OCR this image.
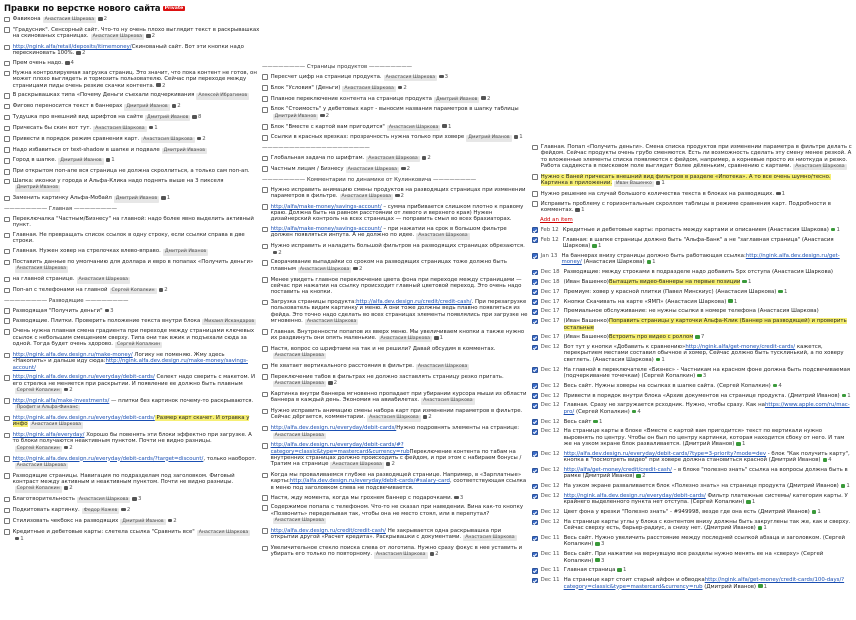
Правки по верстке нового сайта Private
Фавикона Анастасия Шаркова 2
"Градусник". Сенсорный сайт. Что-то ну очень плохо выглядит текст в раскрывашках на скинованых страницах. Анастасия Шаркова 2
http://ngink.alfa/retail/deposits/itimemoney/Скинованый сайт. Вот эти кнопки надо перескиновать 100%. 2
Прем очень надо. 4
Нужна контролируемая загрузка страниц. Это значит, что пока контент не готов, он может плохо выглядеть и тормозить пользователю. Сейчас при переходе между страницами пиды очень резкие скачки контента. 2
В раскрывашках типа «Почему Деньги съехали подчеркивания Алексей Ибрагимов
Фигово переносится текст в баннерах Дмитрий Иванов 2
Тудушка про внешний вид шрифтов на сайте Дмитрий Иванов 8
Причесать бы скин вот тут. Анастасия Шаркова 1
Привести в порядок режим сравнения карт. Анастасия Шаркова 2
Надо избавиться от text-shadow в шапке и подвале Дмитрий Иванов
Город в шапке. Дмитрий Иванов 1
При открытом поп-апе вся страница не должна скроллиться, а только сам поп-ап.
Шапка: иконки у города и Альфа-Клика надо поднять выше на 3 пикселяДмитрий Иванов
Заменить картинку Альфа-Мобайл Дмитрий Иванов 1
———————— Главная ————————
Переключалка "Частным/Бизнесу" на главной: надо более явно выделить активный пункт.
Главная. Не превращать список ссылок в одну строку, если ссылки справа в две строки.
Главная. Нужен ховер на стрелочках влево-вправо. Дмитрий Иванов
Поставить данные по умолчанию для доллара и евро в попапах «Получить деньги»Анастасия Шаркова
на главной странице. Анастасия Шаркова
Поп-ап с телефонами на главной Сергей Копалкин 2
———————— Разводящие ————————
Разводящая "Получить деньги" 3
Разводящие. Плитки. Проверить положение текста внутри блока Михаил Искандаров
Очень нужна плавная смена градиента при переходе между страницами ключевых ссылок с небольшим смещением сверху. Типа они так вжик и подъехали сюда за одной. Тогда будет очень здорово. Сергей Копалкин
http://ngink.alfa.dev.design.ru/make-money/ Логику не поменяю. Жму здесь «Накопить» и дальше иду сюда:http://ngink.alfa.dev.design.ru/make-money/savings-account/
http://ngink.alfa.dev.design.ru/everyday/debit-cards/ Селект надо сверить с макетом. И его стрелка не меняется при раскрытии. И появление ее должно быть плавнымСергей Копалкин 2
http://ngink.alfa/make-investments/ — плитки без картинок почему-то раскрываются.Профит и Альфа-Финанс
http://ngink.alfa.dev.design.ru/everyday/debit-cards/ Размер карт скачет. И отравка у инфо Анастасия Шаркова
http://ngink.alfa/everyday/ Хорошо бы повенять эти блоки эффектно при загрузке. А то блоки получаются неактивным пунктом. Почти не видно разницы.Сергей Копалкин 2
http://ngink.alfa.dev.design.ru/everyday/debit-cards/?target=discount/, только наоборот.Анастасия Шаркова
Разводящие страницы. Навигация по подразделам под заголовком. Фиговый контраст между активным и неактивным пунктом. Почти не видно разницы.Сергей Копалкин 2
Благотворительность Анастасия Шаркова 3
Подкитовать картинку. Федор Кожев 2
Стилизовать чекбокс на разводящих Дмитрий Иванов 2
Кредитные и дебетовые карты: слетела ссылка "Сравнить все" Анастасия Шаркова1
———————— Страницы продуктов ————————
Пересчет цифр на странице продукта. Анастасия Шаркова 3
Блок "Условия" (Деньги) Анастасия Шаркова 2
Плавное переключение контента на странице продукта Дмитрий Иванов 2
Блок "Стоимость" у дебетовых карт - выносим названия параметров в шапку таблицыДмитрий Иванов 2
Блок "Вместе с картой вам пригодится" Анастасия Шаркова 1
Ссылки в красных врезках: прозрачность нужна только при ховере Дмитрий Иванов 1
————————————————————
Глобальная задача по шрифтам. Анастасия Шаркова 2
Частным лицам / Бизнесу Анастасия Шаркова 2
———————— Комментарии по динамике от Кулинковича ————————
Нужно исправить анимацию смены продуктов на разводящих страницах при изменении параметров в фильтре. Анастасия Шаркова 2
http://alfa/make-money/savings-account/ – сумма прибивается слишком плотно к правому краю. Должна быть на равном расстоянии от левого и верхнего края) Нужен дизайнерский контроль на всех страницах — поправить смыл во всех брахиаторах.
http://alfa/make-money/savings-account/ – при нажатии на срок в большом фильтре должен появляться инпута. А не должно по идее. Анастасия Шаркова
Нужно исправить и наладить большой фильтров на разводящих страницах обрезаются.2
Сворачивание выпадайки со сроком на разводящих страницах тоже должно быть плавным Анастасия Шаркова 2
Менее увидеть главное переключение цвета фона при переходе между страницами — сейчас при нажатии на ссылку происходит главный цветовой переход. Это очень надо поставить на кнопки.
Загрузка страницы продукта:http://alfa.dev.design.ru/credit/credit-cash/. При перезагрузке пользователь видим картинку и меню. А они тоже должны ведь плавно появляться из фейда. Это точно надо сделать во всех страницах элементы появлялись при загрузке не мгновенно. Анастасия Шаркова
Главная. Внутренности попапов из вверх меню. Мы увеличиваем кнопки а также нужно их раздвинуть они опять маленькие. Анастасия Шаркова 1
Настя, вопрос со шрифтами на так и не решили? Давай обсудим в комментах.Анастасия Шаркова
Не хватает вертикального расстояния в фильтре. Анастасия Шаркова
Переключение табов в фильтрах не должно заставлять страницу резко пригать.Анастасия Шаркова 2
Картинка внутри баннера мгновенно пропадает при убирании курсора мыши из области баннера в каждый день. Экономия на авиабилетах. Анастасия Шаркова
Нужно исправить анимацию смены набора карт при изменении параметров в фильтре. Сейчас дёргается, комментарии. Анастасия Шаркова 2
http://alfa.dev.design.ru/everyday/debit-cards/Нужно подровнять элементы на странице:Анастасия Шаркова
http://alfa.dev.design.ru/everyday/debit-cards/#?category=classic&type=mastercard&currency=rubПереключение контента по табам на внутренних страницах должно происходить с фейдом, и при этом с набираем бонусы / Тратим на странице Анастасия Шаркова 2
Когда мы проваливаемся глубже на разводящей странице. Например, в «Зарплатные» карты:http://alfa.dev.design.ru/everyday/debit-cards/#salary-card, соответствующая ссылка в меню под заголовком слева не подсвечивается.
Настя, жду момента, когда мы грохнем баннер с подарочками. 3
Содержимое попапа с телефоном. Что-то не сказал при наведении. Вина как-то кнопку «Позвонить» переделывая так, чтобы она не место стоял, или в перепутал?Анастасия Шаркова
http://alfa.dev.design.ru/credit/credit-cash/ Не закрывается одна раскрывашка при открытии другой «Расчет кредита». Раскрывашки с документами. Анастасия Шаркова
Увеличительное стекло поиска слева от логотипа. Нужно сразу фокус в нее уставить и убирать его только по повторному. Анастасия Шаркова 2
Главная. Попап «Получить деньги». Смена списка продуктов при изменении параметра в фильтре делать с фейдом. Сейчас продукты очень грубо сменяются. Есть ли возможность сделать эту смену менее резкой. А то вложенные элементы списка появляются с фейдом, например, а корневые просто из ниоткуда и резко. Работа саддекста в поисковом поле выглядит более дёленьким, сравнению с картами. Анастасия Шаркова
Нужно с Ваней причесать внешний вид фильтров в разделе «Ипотека». А то все очень шумно/тесно. Картинка в приложении. Иван Вашенко 1
Нужно решение на случай большого количества текста в блоках на разводящих. 1
Исправить проблему с горизонтальным скроллом таблицы в режиме сравнения карт. Подробности в комментах. 1
Add an item
Feb 12 Кредитные и дебетовые карты: пропасть между картами и описанием (Анастасия Шаркова) 1
Feb 12 Главная: в шапке страницы должно быть "Альфа-Банк" а не "заглавная страница" (Анастасия Шаркова) 1
Jan 13 На баннерах внизу страницы должно быть работающая ссылка:http://ngink.alfa.dev.design.ru/get-money/ (Анастасия Шаркова) 1
Dec 18 Разводящие: между строками в подразделе надо добавить 5px отступа (Анастасия Шаркова)
Dec 18 (Иван Вашенко)Вытащить видео-баннеры на первые позиции 1
Dec 17 Премиум: ховер у красной плитки (Павел Минскиус) (Анастасия Шаркова) 1
Dec 17 Кнопки Скачивать на карте «ЯМП» (Анастасия Шаркова) 1
Dec 17 Премиальное обслуживание: не нужны ссылки в номере телефона (Анастасия Шаркова)
Dec 17 (Иван Вашенко)Поправить страницы у карточки Альфа-Клик (Баннер на разводящей) и проверить остальные
Dec 17 (Иван Вашенко)Встроить про видео с роллом 7
Dec 12 Вот тут у кнопки «Добавить к сравнению»http://ngink.alfa/get-money/credit-cards/ кажется, перекрытием местами составил обычное и хомер, Сейчас должно быть тусклинький, а по ховеру светлеть. (Анастасия Шаркова) 1
Dec 12 На главной в переключателе «Бизнес» - Частникам на красном фоне должна быть подсвечиваемая (подчеркивание точечкаи) (Сергей Копалкин) 3
Dec 12 Весь сайт. Нужны ховеры на ссылках в шапке сайта. (Сергей Копалкин) 4
Dec 12 Привести в порядок внутри блока «Архив документов на странице продукта. (Дмитрий Иванов) 1
Dec 12 Главная. Сразу не загружается рсходник. Нужно, чтобы сразу. Как наhttps://www.apple.com/ru/mac-pro/ (Сергей Копалкин) 4
Dec 12 Весь сайт 1
Dec 12 На странице карты в блоке «Вместе с картой вам пригодится» текст по вертикали нужно выровнять по центру. Чтобы он был по центру картинки, которая находится сбоку от него. И там же на узком экране блок разваливается. (Дмитрий Иванов) 1
Dec 12 http://alfa.dev.design.ru/everyday/debit-cards/?type=3-priority?mode=dev - блок "Как получить карту", кнопка в "посмотреть видео" при ховере должна становиться красной (Дмитрий Иванов) 4
Dec 12 http://alfa/get-money/credit/credit-cash/ – в блоке "полезно знать" ссылка на вопросы должна быть в рамке (Дмитрий Иванов) 2
Dec 12 На узком экране разваливается блок «Полезно знать» на странице продукта (Дмитрий Иванов) 1
Dec 12 http://ngink.alfa.dev.design.ru/everyday/debit-cards/ Фильтр платежные системы/ категория карты. У крайнего выделенного пункта нет отступа. (Сергей Копалкин) 1
Dec 12 Цвет фона у врезки "Полезно знать" - #949998, везде где она есть (Дмитрий Иванов) 1
Dec 12 На странице карты углы у блока с контентом внизу должны быть закруглены так же, как и сверху. Сейчас сверху есть, барьер-радиус, а снизу нет. (Дмитрий Иванов) 1
Dec 11 Весь сайт. Нужно увеличить расстояние между последней ссылкой абзаца и заголовком. (Сергей Копалкин) 3
Dec 11 Весь сайт. При нажатии на вернувшую все разделы нужно менять ее на «сверху» (Сергей Копалкин) 3
Dec 11 Главная страница 1
Dec 11 На странице карт стоит старый айфон и обводкаhttp://ngink.alfa/get-money/credit-cards/100-days/?category=classic&type=mastercard&currency=rub (Дмитрий Иванов) 1
